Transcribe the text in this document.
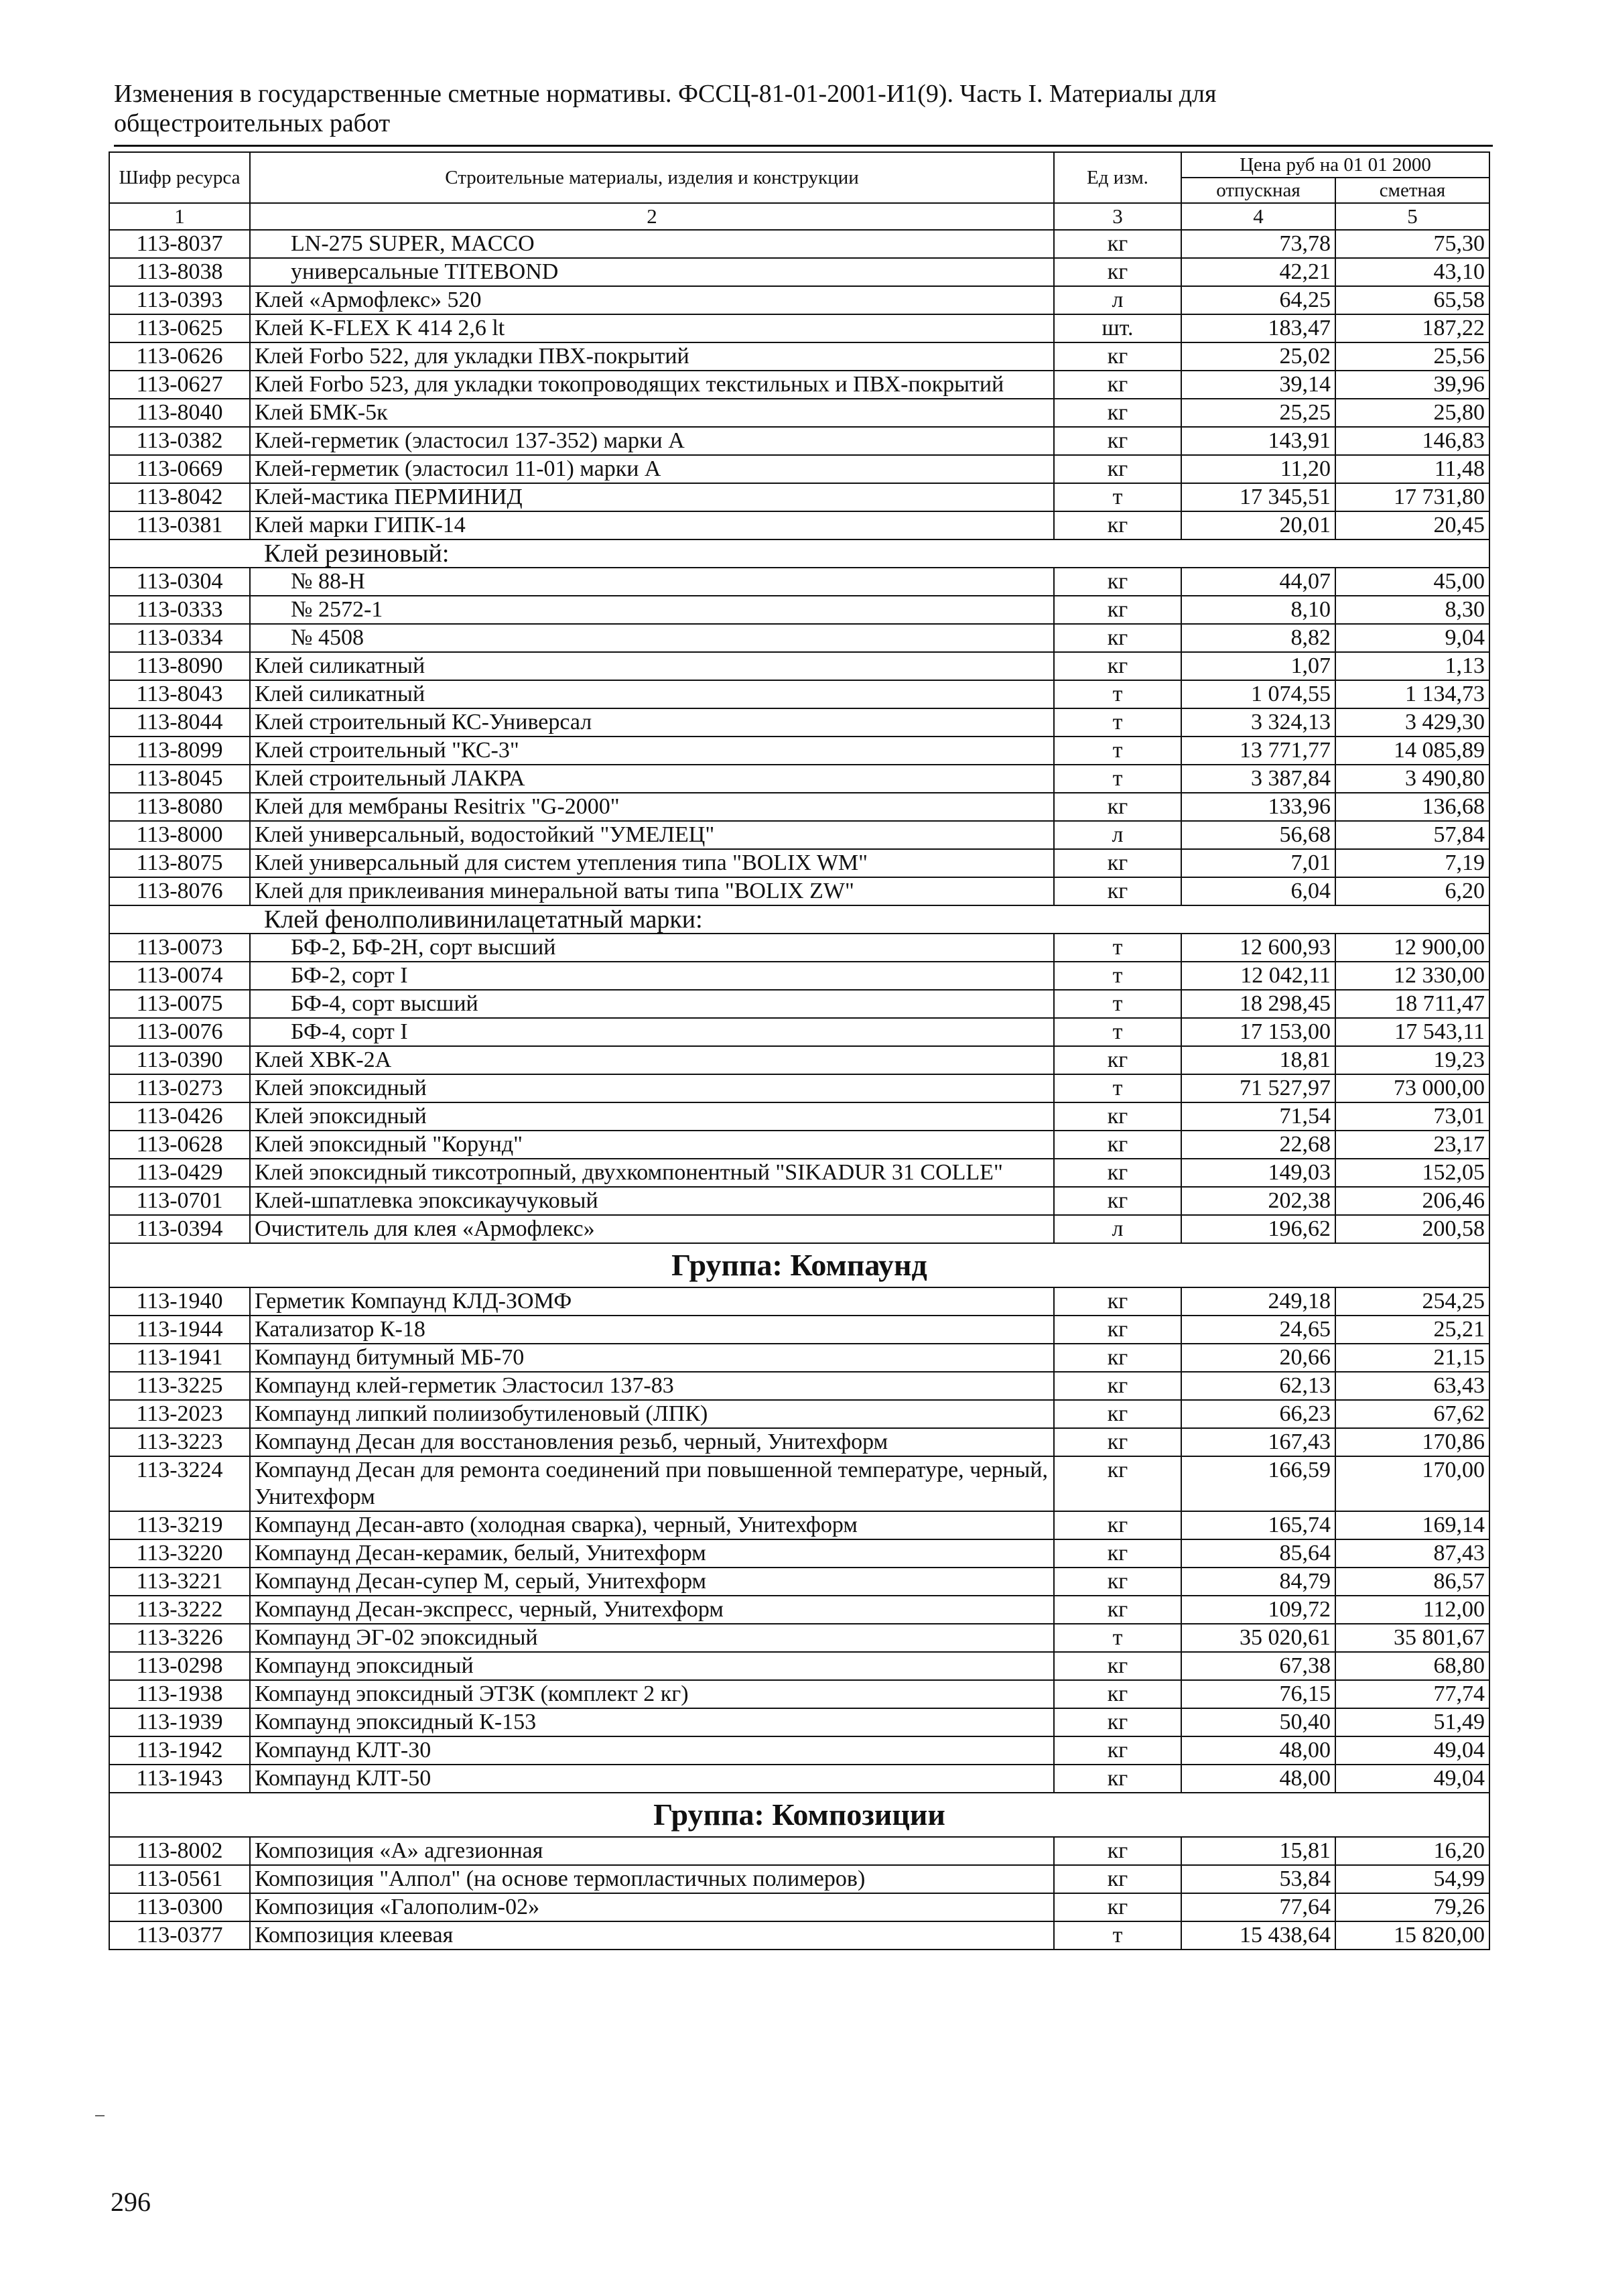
Изменения в государственные сметные нормативы. ФССЦ-81-01-2001-И1(9). Часть I. Материалы для общестроительных работ
Шифр ресурса	Строительные материалы, изделия и конструкции	Ед изм.	Цена руб на 01 01 2000	
			отпускная	сметная
1	2	3	4	5
113-8037	LN-275 SUPER, MACCO	кг	73,78	75,30
113-8038	универсальные TITEBOND	кг	42,21	43,10
113-0393	Клей «Армофлекс» 520	л	64,25	65,58
113-0625	Клей K-FLEX K 414 2,6 lt	шт.	183,47	187,22
113-0626	Клей Forbo 522, для укладки ПВХ-покрытий	кг	25,02	25,56
113-0627	Клей Forbo 523, для укладки токопроводящих текстильных и ПВХ-покрытий	кг	39,14	39,96
113-8040	Клей БМК-5к	кг	25,25	25,80
113-0382	Клей-герметик (эластосил 137-352) марки А	кг	143,91	146,83
113-0669	Клей-герметик (эластосил 11-01) марки А	кг	11,20	11,48
113-8042	Клей-мастика ПЕРМИНИД	т	17 345,51	17 731,80
113-0381	Клей марки ГИПК-14	кг	20,01	20,45
Клей резиновый:				
113-0304	№ 88-Н	кг	44,07	45,00
113-0333	№ 2572-1	кг	8,10	8,30
113-0334	№ 4508	кг	8,82	9,04
113-8090	Клей силикатный	кг	1,07	1,13
113-8043	Клей силикатный	т	1 074,55	1 134,73
113-8044	Клей строительный КС-Универсал	т	3 324,13	3 429,30
113-8099	Клей строительный "КС-3"	т	13 771,77	14 085,89
113-8045	Клей строительный ЛАКРА	т	3 387,84	3 490,80
113-8080	Клей для мембраны Resitrix "G-2000"	кг	133,96	136,68
113-8000	Клей универсальный, водостойкий "УМЕЛЕЦ"	л	56,68	57,84
113-8075	Клей универсальный для систем утепления типа "BOLIX WM"	кг	7,01	7,19
113-8076	Клей для приклеивания минеральной ваты типа "BOLIX ZW"	кг	6,04	6,20
Клей фенолполивинилацетатный марки:				
113-0073	БФ-2, БФ-2Н, сорт высший	т	12 600,93	12 900,00
113-0074	БФ-2, сорт I	т	12 042,11	12 330,00
113-0075	БФ-4, сорт высший	т	18 298,45	18 711,47
113-0076	БФ-4, сорт I	т	17 153,00	17 543,11
113-0390	Клей ХВК-2А	кг	18,81	19,23
113-0273	Клей эпоксидный	т	71 527,97	73 000,00
113-0426	Клей эпоксидный	кг	71,54	73,01
113-0628	Клей эпоксидный "Корунд"	кг	22,68	23,17
113-0429	Клей эпоксидный тиксотропный, двухкомпонентный "SIKADUR 31 COLLE"	кг	149,03	152,05
113-0701	Клей-шпатлевка эпоксикаучуковый	кг	202,38	206,46
113-0394	Очиститель для клея «Армофлекс»	л	196,62	200,58
Группа: Компаунд				
113-1940	Герметик Компаунд КЛД-ЗОМФ	кг	249,18	254,25
113-1944	Катализатор К-18	кг	24,65	25,21
113-1941	Компаунд битумный МБ-70	кг	20,66	21,15
113-3225	Компаунд клей-герметик Эластосил 137-83	кг	62,13	63,43
113-2023	Компаунд липкий полиизобутиленовый (ЛПК)	кг	66,23	67,62
113-3223	Компаунд Десан для восстановления резьб, черный, Унитехформ	кг	167,43	170,86
113-3224	Компаунд Десан для ремонта соединений при повышенной температуре, черный, Унитехформ	кг	166,59	170,00
113-3219	Компаунд Десан-авто (холодная сварка), черный, Унитехформ	кг	165,74	169,14
113-3220	Компаунд Десан-керамик, белый, Унитехформ	кг	85,64	87,43
113-3221	Компаунд Десан-супер М, серый, Унитехформ	кг	84,79	86,57
113-3222	Компаунд Десан-экспресс, черный, Унитехформ	кг	109,72	112,00
113-3226	Компаунд ЭГ-02 эпоксидный	т	35 020,61	35 801,67
113-0298	Компаунд эпоксидный	кг	67,38	68,80
113-1938	Компаунд эпоксидный ЭТЗК (комплект 2 кг)	кг	76,15	77,74
113-1939	Компаунд эпоксидный К-153	кг	50,40	51,49
113-1942	Компаунд КЛТ-30	кг	48,00	49,04
113-1943	Компаунд КЛТ-50	кг	48,00	49,04
Группа: Композиции				
113-8002	Композиция «А» адгезионная	кг	15,81	16,20
113-0561	Композиция "Алпол" (на основе термопластичных полимеров)	кг	53,84	54,99
113-0300	Композиция «Галополим-02»	кг	77,64	79,26
113-0377	Композиция клеевая	т	15 438,64	15 820,00
296
